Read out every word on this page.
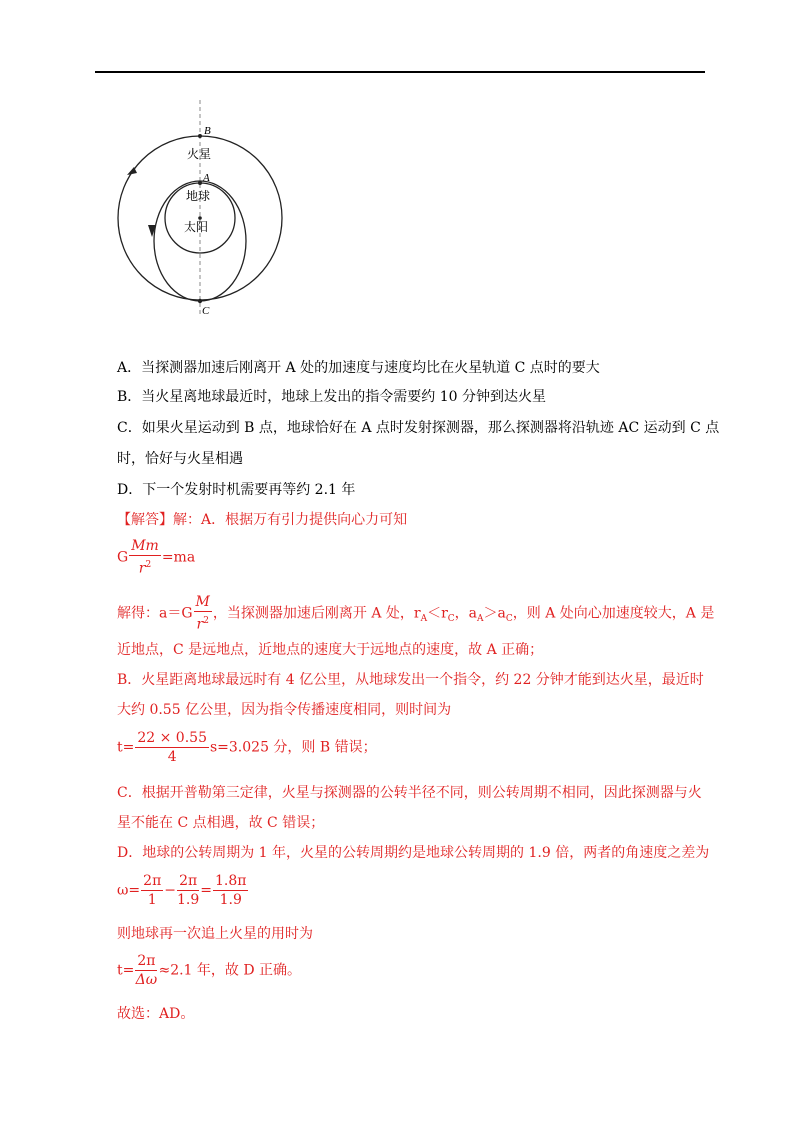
B
火星
A
地球
太阳
C
A．当探测器加速后刚离开 A 处的加速度与速度均比在火星轨道 C 点时的要大
B．当火星离地球最近时，地球上发出的指令需要约 10 分钟到达火星
C．如果火星运动到 B 点，地球恰好在 A 点时发射探测器，那么探测器将沿轨迹 AC 运动到 C 点
时，恰好与火星相遇
D．下一个发射时机需要再等约 2.1 年
【解答】解：A．根据万有引力提供向心力可知
G $\frac{Mm}{r^2} =ma$
解得：$a=G \frac{M}{r^2}$ ，当探测器加速后刚离开 A 处，$r_A<r_C$，$a_A>a_C$，则 A 处向心加速度较大，A 是
近地点，C 是远地点，近地点的速度大于远地点的速度，故 A 正确；
B．火星距离地球最远时有 4 亿公里，从地球发出一个指令，约 22 分钟才能到达火星，最近时
大约 0.55 亿公里，因为指令传播速度相同，则时间为
$t= \frac{22 \times 0.55}{4} s=3.025$ 分，则 B 错误；
C．根据开普勒第三定律，火星与探测器的公转半径不同，则公转周期不相同，因此探测器与火
星不能在 C 点相遇，故 C 错误；
D．地球的公转周期为 1 年，火星的公转周期约是地球公转周期的 1.9 倍，两者的角速度之差为
$\omega= \frac{2\pi}{1} - \frac{2\pi}{1.9} = \frac{1.8\pi}{1.9}$
则地球再一次追上火星的用时为
$t= \frac{2\pi}{\Delta\omega} \approx 2.1$ 年，故 D 正确。
故选：AD。
